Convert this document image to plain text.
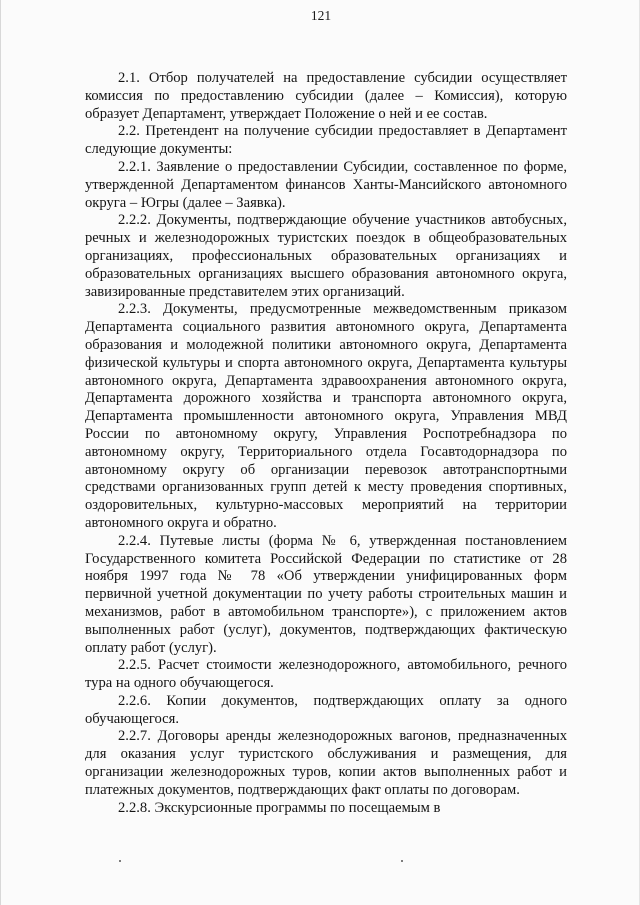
121

2.1. Отбор получателей на предоставление субсидии осуществляет комиссия по предоставлению субсидии (далее – Комиссия), которую образует Департамент, утверждает Положение о ней и ее состав.

2.2. Претендент на получение субсидии предоставляет в Департамент следующие документы:

2.2.1. Заявление о предоставлении Субсидии, составленное по форме, утвержденной Департаментом финансов Ханты-Мансийского автономного округа – Югры (далее – Заявка).

2.2.2. Документы, подтверждающие обучение участников автобусных, речных и железнодорожных туристских поездок в общеобразовательных организациях, профессиональных образовательных организациях и образовательных организациях высшего образования автономного округа, завизированные представителем этих организаций.

2.2.3. Документы, предусмотренные межведомственным приказом Департамента социального развития автономного округа, Департамента образования и молодежной политики автономного округа, Департамента физической культуры и спорта автономного округа, Департамента культуры автономного округа, Департамента здравоохранения автономного округа, Департамента дорожного хозяйства и транспорта автономного округа, Департамента промышленности автономного округа, Управления МВД России по автономному округу, Управления Роспотребнадзора по автономному округу, Территориального отдела Госавтодорнадзора по автономному округу об организации перевозок автотранспортными средствами организованных групп детей к месту проведения спортивных, оздоровительных, культурно-массовых мероприятий на территории автономного округа и обратно.

2.2.4. Путевые листы (форма № 6, утвержденная постановлением Государственного комитета Российской Федерации по статистике от 28 ноября 1997 года № 78 «Об утверждении унифицированных форм первичной учетной документации по учету работы строительных машин и механизмов, работ в автомобильном транспорте»), с приложением актов выполненных работ (услуг), документов, подтверждающих фактическую оплату работ (услуг).

2.2.5. Расчет стоимости железнодорожного, автомобильного, речного тура на одного обучающегося.

2.2.6. Копии документов, подтверждающих оплату за одного обучающегося.

2.2.7. Договоры аренды железнодорожных вагонов, предназначенных для оказания услуг туристского обслуживания и размещения, для организации железнодорожных туров, копии актов выполненных работ и платежных документов, подтверждающих факт оплаты по договорам.

2.2.8. Экскурсионные программы по посещаемым в
